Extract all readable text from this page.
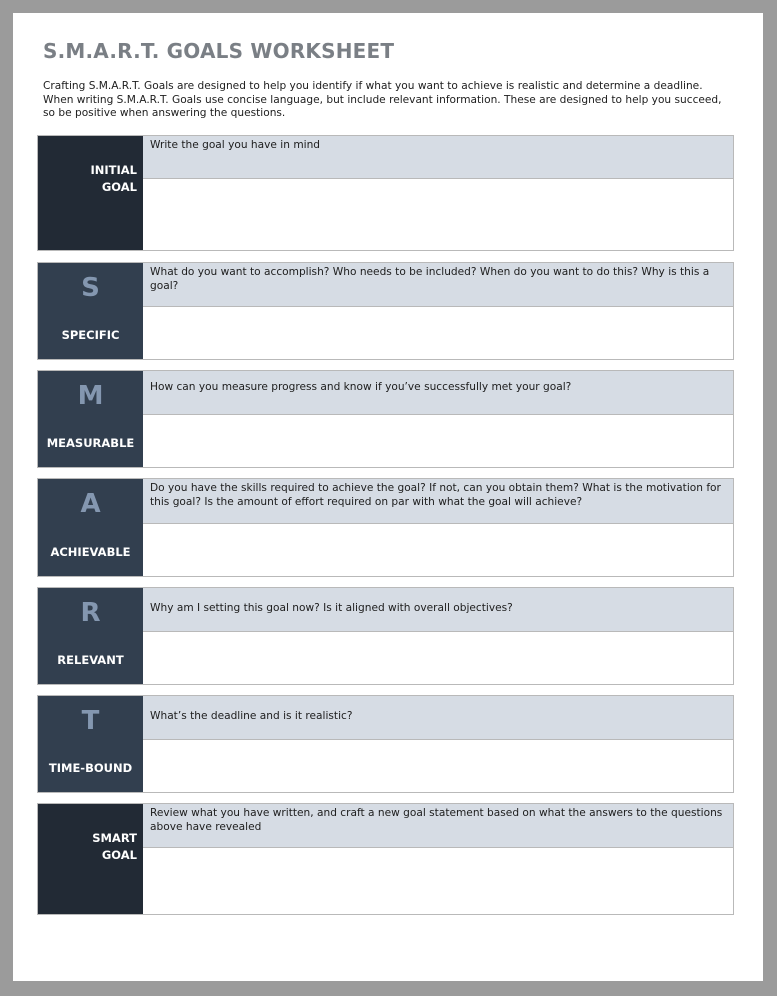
S.M.A.R.T. GOALS WORKSHEET

Crafting S.M.A.R.T. Goals are designed to help you identify if what you want to achieve is realistic and determine a deadline. When writing S.M.A.R.T. Goals use concise language, but include relevant information. These are designed to help you succeed, so be positive when answering the questions.

INITIAL
GOAL
Write the goal you have in mind
S
SPECIFIC
What do you want to accomplish? Who needs to be included? When do you want to do this? Why is this a goal?
M
MEASURABLE
How can you measure progress and know if you’ve successfully met your goal?
A
ACHIEVABLE
Do you have the skills required to achieve the goal? If not, can you obtain them? What is the motivation for this goal? Is the amount of effort required on par with what the goal will achieve?
R
RELEVANT
Why am I setting this goal now? Is it aligned with overall objectives?
T
TIME-BOUND
What’s the deadline and is it realistic?
SMART
GOAL
Review what you have written, and craft a new goal statement based on what the answers to the questions above have revealed
